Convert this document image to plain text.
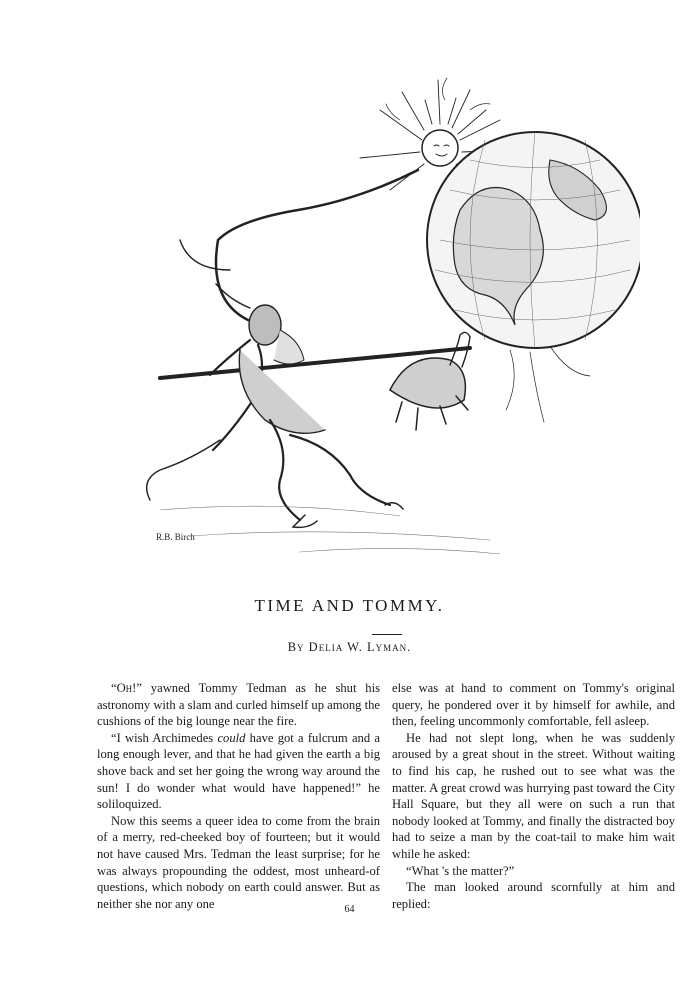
R.B. Birch
TIME AND TOMMY.
By Delia W. Lyman.

“Oh!” yawned Tommy Tedman as he shut his astronomy with a slam and curled himself up among the cushions of the big lounge near the fire.

“I wish Archimedes could have got a fulcrum and a long enough lever, and that he had given the earth a big shove back and set her going the wrong way around the sun! I do wonder what would have happened!” he soliloquized.

Now this seems a queer idea to come from the brain of a merry, red-cheeked boy of fourteen; but it would not have caused Mrs. Tedman the least surprise; for he was always propounding the oddest, most unheard-of questions, which nobody on earth could answer. But as neither she nor any one

else was at hand to comment on Tommy's original query, he pondered over it by himself for awhile, and then, feeling uncommonly comfortable, fell asleep.

He had not slept long, when he was suddenly aroused by a great shout in the street. Without waiting to find his cap, he rushed out to see what was the matter. A great crowd was hurrying past toward the City Hall Square, but they all were on such a run that nobody looked at Tommy, and finally the distracted boy had to seize a man by the coat-tail to make him wait while he asked:

“What 's the matter?”

The man looked around scornfully at him and replied:

64
